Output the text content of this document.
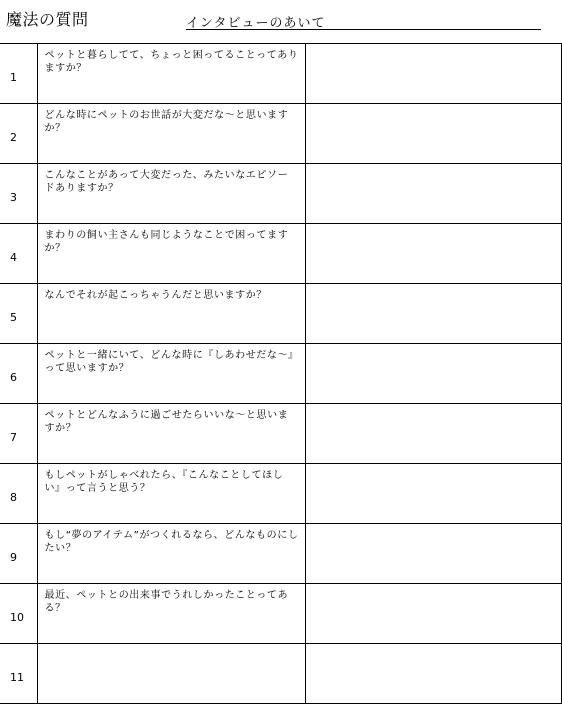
魔法の質問	インタビューのあいて
1	ペットと暮らしてて、ちょっと困ってることってありますか？	

2	どんな時にペットのお世話が大変だな〜と思いますか？	

3	こんなことがあって大変だった、みたいなエピソードありますか？	

4	まわりの飼い主さんも同じようなことで困ってますか？	

5	なんでそれが起こっちゃうんだと思いますか？	

6	ペットと一緒にいて、どんな時に『しあわせだな〜』って思いますか？	

7	ペットとどんなふうに過ごせたらいいな〜と思いますか？	

8	もしペットがしゃべれたら、『こんなことしてほしい』って言うと思う？	

9	もし“夢のアイテム”がつくれるなら、どんなものにしたい？	

10	最近、ペットとの出来事でうれしかったことってある？	

11		
